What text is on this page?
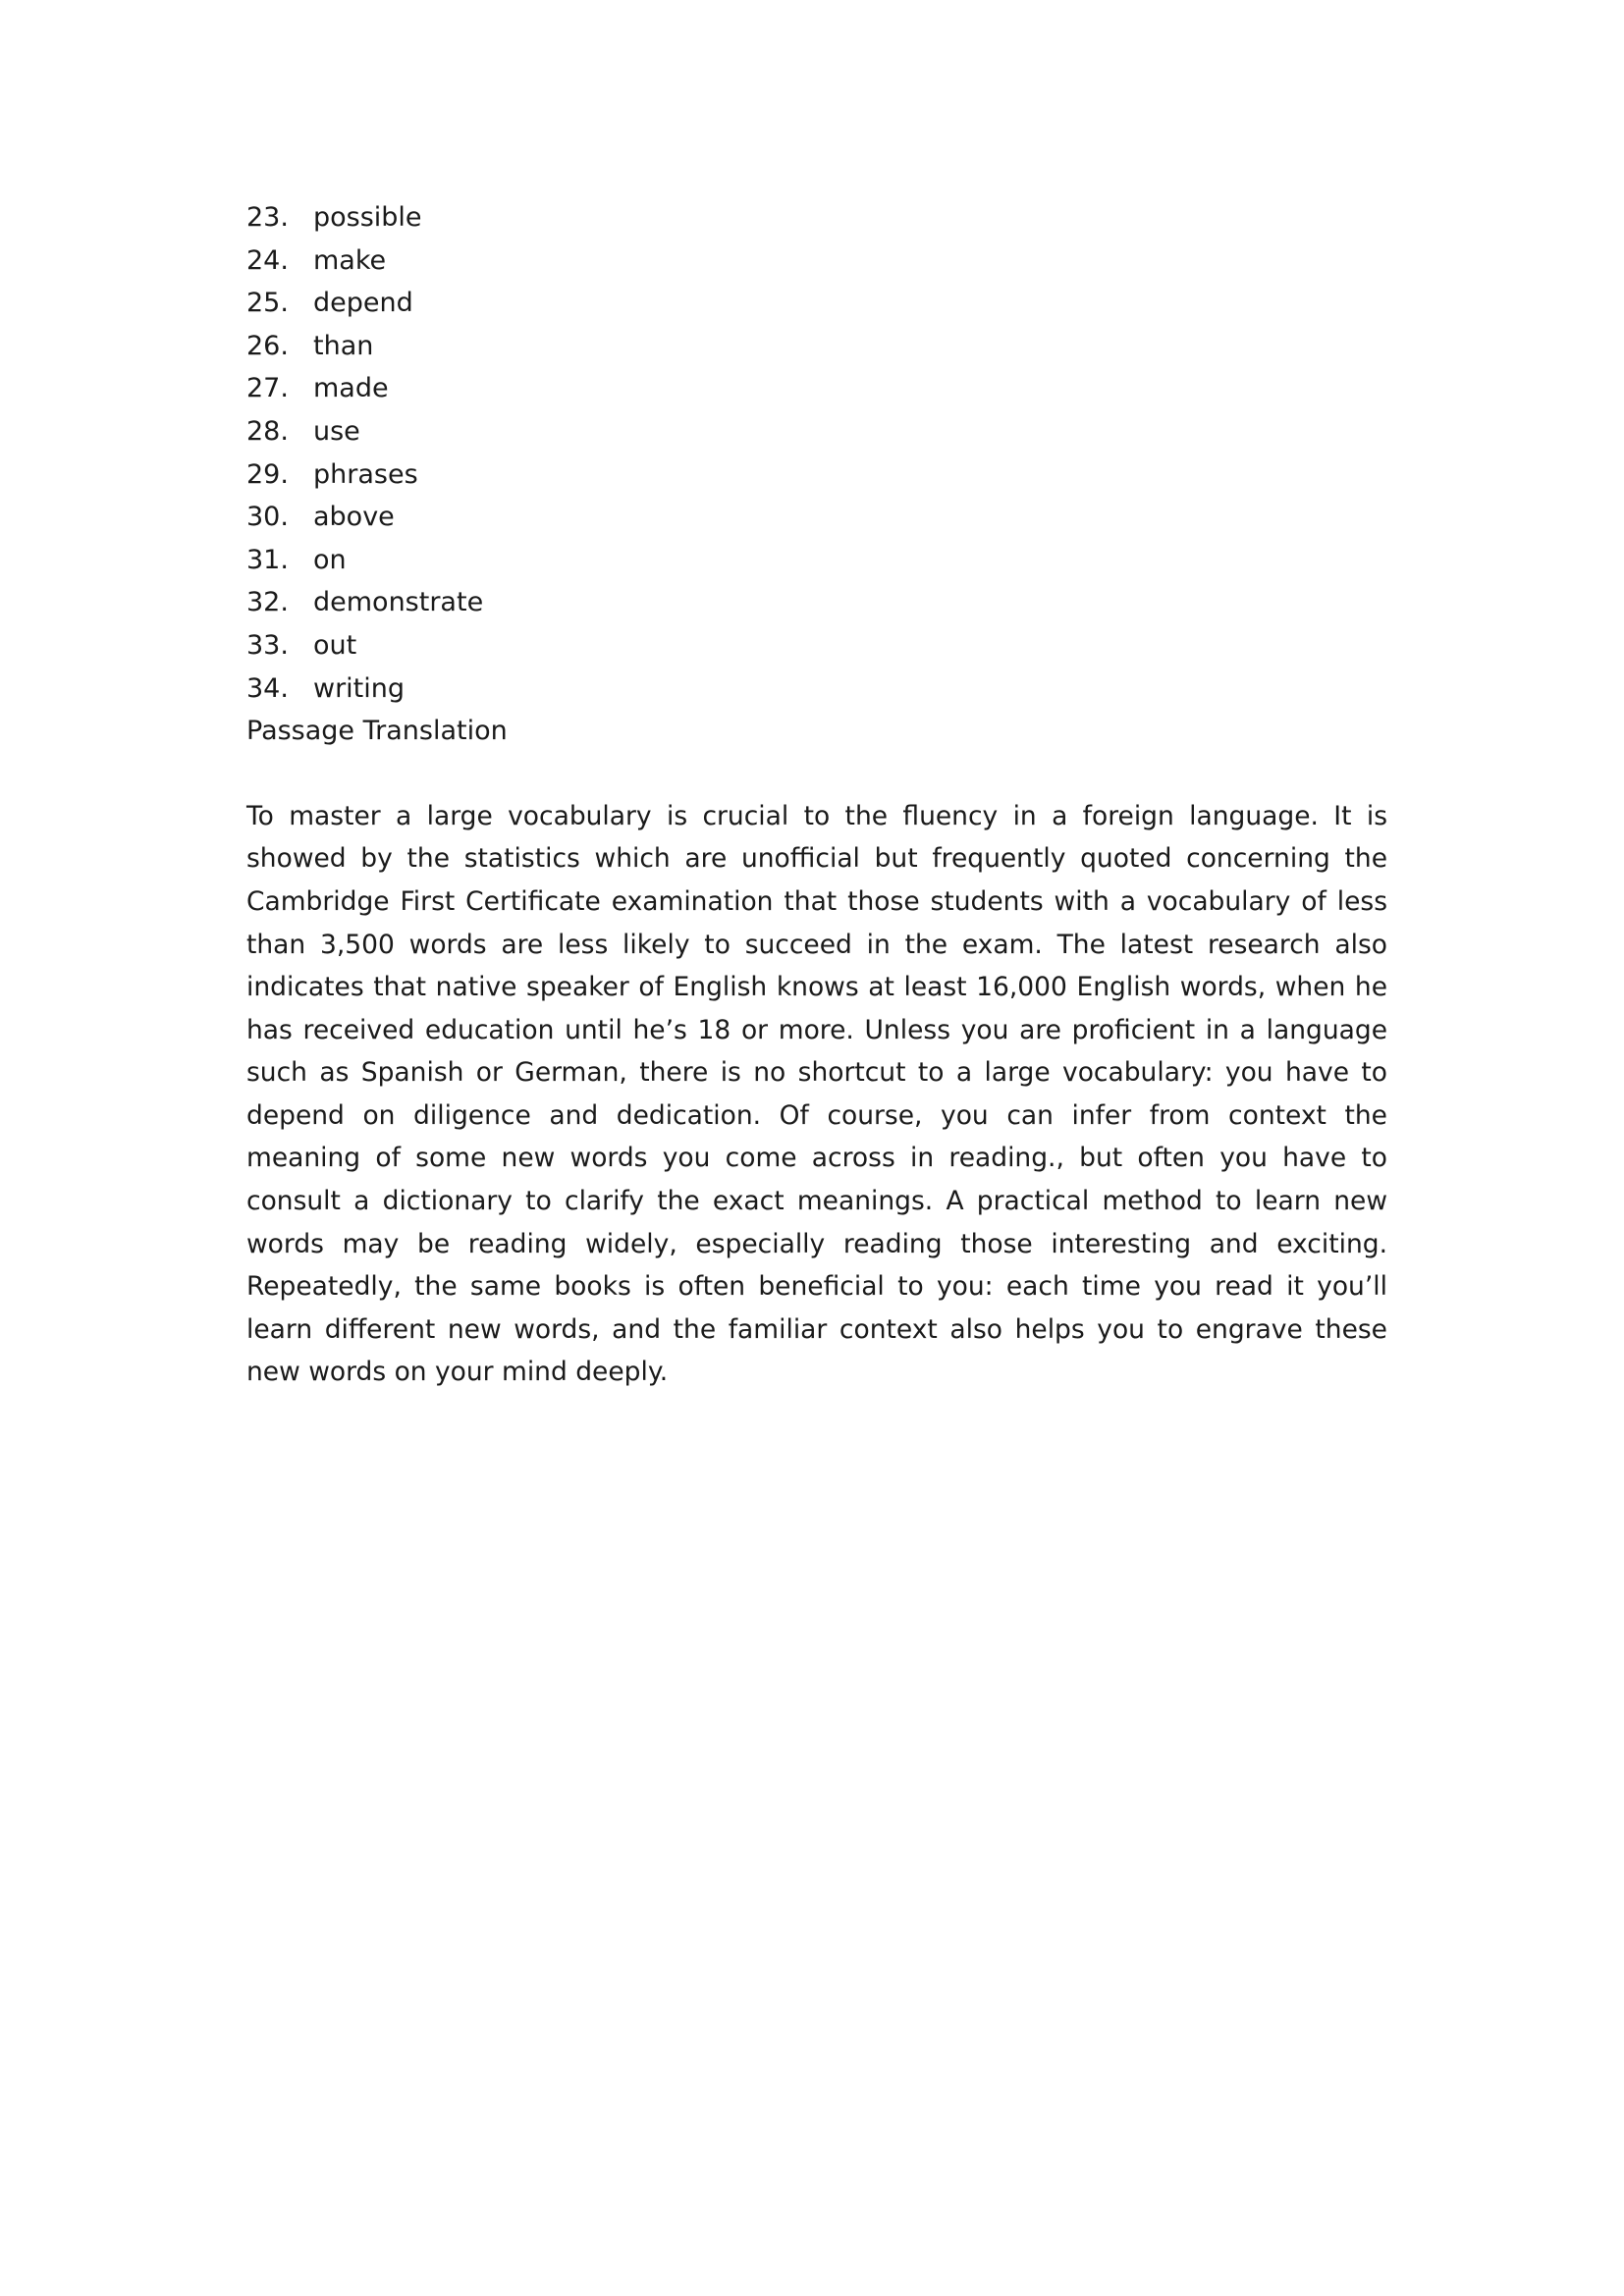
23. possible
24. make
25. depend
26. than
27. made
28. use
29. phrases
30. above
31. on
32. demonstrate
33. out
34. writing
Passage Translation

To master a large vocabulary is crucial to the fluency in a foreign language. It is showed by the statistics which are unofficial but frequently quoted concerning the Cambridge First Certificate examination that those students with a vocabulary of less than 3,500 words are less likely to succeed in the exam. The latest research also indicates that native speaker of English knows at least 16,000 English words, when he has received education until he’s 18 or more. Unless you are proficient in a language such as Spanish or German, there is no shortcut to a large vocabulary: you have to depend on diligence and dedication. Of course, you can infer from context the meaning of some new words you come across in reading., but often you have to consult a dictionary to clarify the exact meanings. A practical method to learn new words may be reading widely, especially reading those interesting and exciting. Repeatedly, the same books is often beneficial to you: each time you read it you’ll learn different new words, and the familiar context also helps you to engrave these new words on your mind deeply.
